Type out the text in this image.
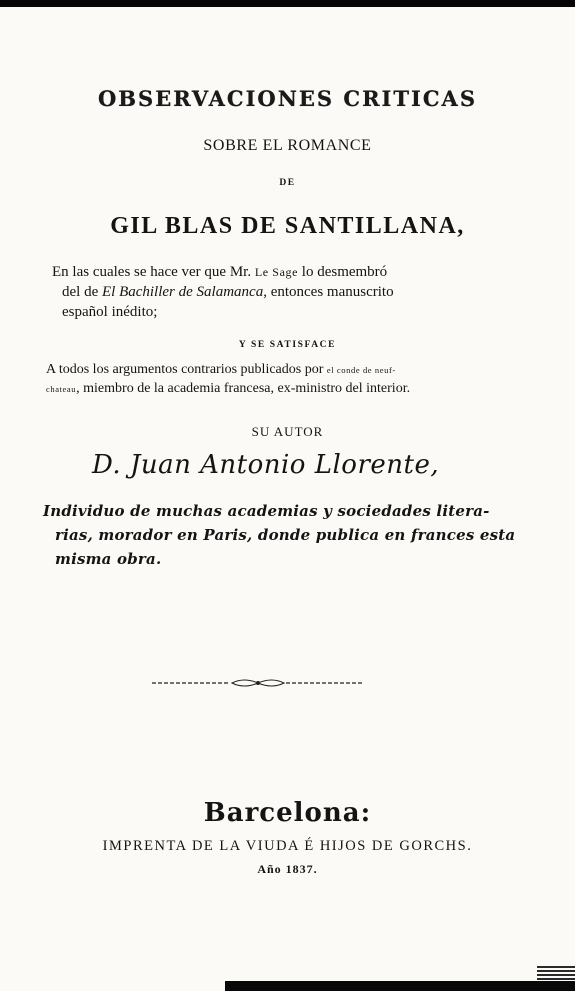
OBSERVACIONES CRITICAS
SOBRE EL ROMANCE
DE
GIL BLAS DE SANTILLANA,
En las cuales se hace ver que Mr. Le Sage lo desmembró
del de El Bachiller de Salamanca, entonces manuscrito
español inédito;
Y SE SATISFACE
A todos los argumentos contrarios publicados por el conde de neuf-
chateau, miembro de la academia francesa, ex-ministro del interior.
SU AUTOR
D. Juan Antonio Llorente,
Individuo de muchas academias y sociedades litera-
rias, morador en Paris, donde publica en frances esta
misma obra.
Barcelona:
IMPRENTA DE LA VIUDA É HIJOS DE GORCHS.
Año 1837.
